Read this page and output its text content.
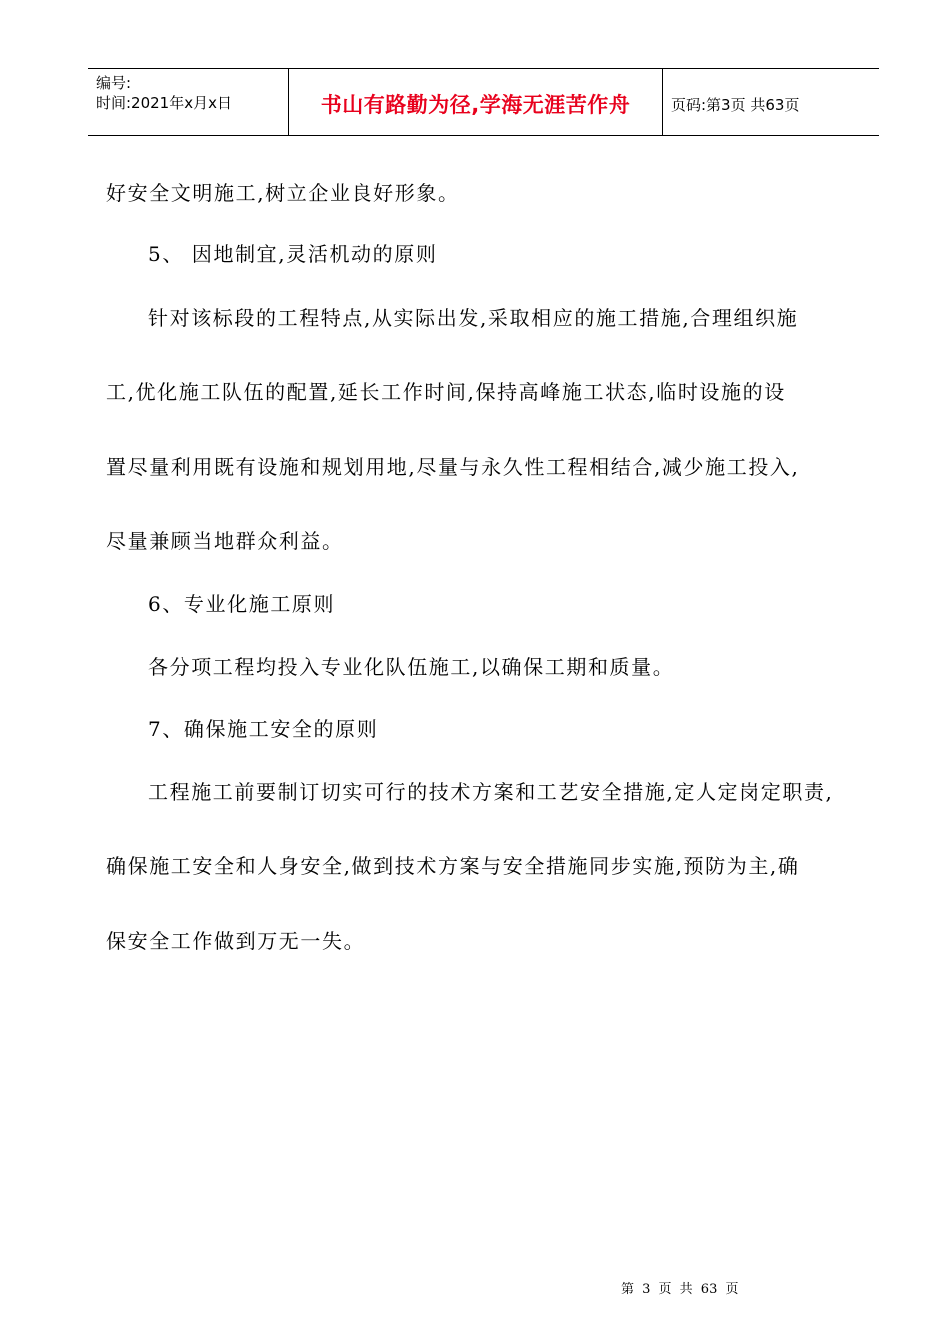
编号:
时间:2021年x月x日	书山有路勤为径,学海无涯苦作舟	页码:第3页 共63页
好安全文明施工,树立企业良好形象。
5、 因地制宜,灵活机动的原则
针对该标段的工程特点,从实际出发,采取相应的施工措施,合理组织施
工,优化施工队伍的配置,延长工作时间,保持高峰施工状态,临时设施的设
置尽量利用既有设施和规划用地,尽量与永久性工程相结合,减少施工投入,
尽量兼顾当地群众利益。
6、专业化施工原则
各分项工程均投入专业化队伍施工,以确保工期和质量。
7、确保施工安全的原则
工程施工前要制订切实可行的技术方案和工艺安全措施,定人定岗定职责,
确保施工安全和人身安全,做到技术方案与安全措施同步实施,预防为主,确
保安全工作做到万无一失。
第 3 页 共 63 页
